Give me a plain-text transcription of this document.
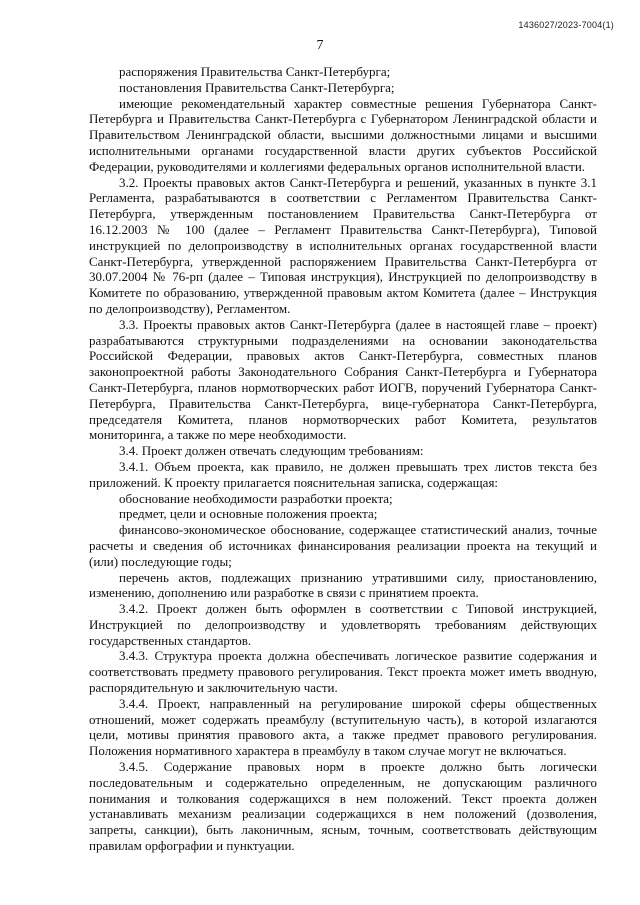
1436027/2023-7004(1)
7

распоряжения Правительства Санкт-Петербурга;

постановления Правительства Санкт-Петербурга;

имеющие рекомендательный характер совместные решения Губернатора Санкт-Петербурга и Правительства Санкт-Петербурга с Губернатором Ленинградской области и Правительством Ленинградской области, высшими должностными лицами и высшими исполнительными органами государственной власти других субъектов Российской Федерации, руководителями и коллегиями федеральных органов исполнительной власти.

3.2. Проекты правовых актов Санкт-Петербурга и решений, указанных в пункте 3.1 Регламента, разрабатываются в соответствии с Регламентом Правительства Санкт-Петербурга, утвержденным постановлением Правительства Санкт-Петербурга от 16.12.2003 № 100 (далее – Регламент Правительства Санкт-Петербурга), Типовой инструкцией по делопроизводству в исполнительных органах государственной власти Санкт-Петербурга, утвержденной распоряжением Правительства Санкт-Петербурга от 30.07.2004 № 76-рп (далее – Типовая инструкция), Инструкцией по делопроизводству в Комитете по образованию, утвержденной правовым актом Комитета (далее – Инструкция по делопроизводству), Регламентом.

3.3. Проекты правовых актов Санкт-Петербурга (далее в настоящей главе – проект) разрабатываются структурными подразделениями на основании законодательства Российской Федерации, правовых актов Санкт-Петербурга, совместных планов законопроектной работы Законодательного Собрания Санкт-Петербурга и Губернатора Санкт-Петербурга, планов нормотворческих работ ИОГВ, поручений Губернатора Санкт-Петербурга, Правительства Санкт-Петербурга, вице-губернатора Санкт-Петербурга, председателя Комитета, планов нормотворческих работ Комитета, результатов мониторинга, а также по мере необходимости.

3.4. Проект должен отвечать следующим требованиям:

3.4.1. Объем проекта, как правило, не должен превышать трех листов текста без приложений. К проекту прилагается пояснительная записка, содержащая:

обоснование необходимости разработки проекта;

предмет, цели и основные положения проекта;

финансово-экономическое обоснование, содержащее статистический анализ, точные расчеты и сведения об источниках финансирования реализации проекта на текущий и (или) последующие годы;

перечень актов, подлежащих признанию утратившими силу, приостановлению, изменению, дополнению или разработке в связи с принятием проекта.

3.4.2. Проект должен быть оформлен в соответствии с Типовой инструкцией, Инструкцией по делопроизводству и удовлетворять требованиям действующих государственных стандартов.

3.4.3. Структура проекта должна обеспечивать логическое развитие содержания и соответствовать предмету правового регулирования. Текст проекта может иметь вводную, распорядительную и заключительную части.

3.4.4. Проект, направленный на регулирование широкой сферы общественных отношений, может содержать преамбулу (вступительную часть), в которой излагаются цели, мотивы принятия правового акта, а также предмет правового регулирования. Положения нормативного характера в преамбулу в таком случае могут не включаться.

3.4.5. Содержание правовых норм в проекте должно быть логически последовательным и содержательно определенным, не допускающим различного понимания и толкования содержащихся в нем положений. Текст проекта должен устанавливать механизм реализации содержащихся в нем положений (дозволения, запреты, санкции), быть лаконичным, ясным, точным, соответствовать действующим правилам орфографии и пунктуации.
